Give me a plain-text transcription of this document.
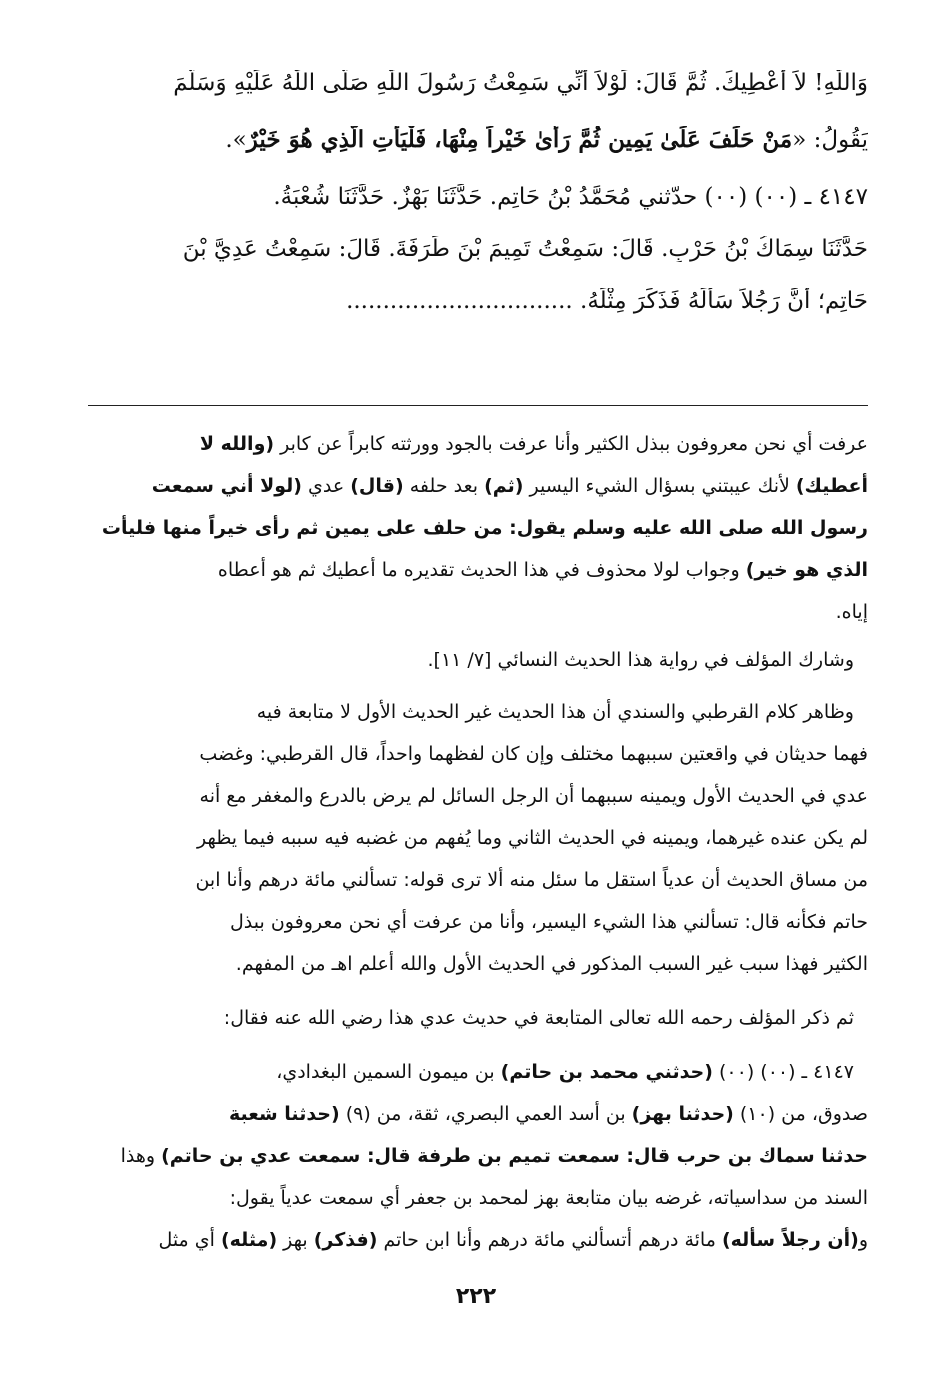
وَاللّٰهِ! لاَ أُعْطِيكَ. ثُمَّ قَالَ: لَوْلاَ أَنِّي سَمِعْتُ رَسُولَ اللّٰهِ صَلَّى اللّٰهُ عَلَيْهِ وَسَلَّمَ
يَقُولُ: «مَنْ حَلَفَ عَلَىٰ يَمِينٍ ثُمَّ رَأَىٰ خَيْراً مِنْهَا، فَلْيَأْتِ الَّذِي هُوَ خَيْرٌ».
٤١٤٧ ـ (٠٠) (٠٠) حدّثني مُحَمَّدُ بْنُ حَاتِمٍ. حَدَّثَنَا بَهْزٌ. حَدَّثَنَا شُعْبَةُ.
حَدَّثَنَا سِمَاكُ بْنُ حَرْبٍ. قَالَ: سَمِعْتُ تَمِيمَ بْنَ طَرَفَةَ. قَالَ: سَمِعْتُ عَدِيَّ بْنَ
حَاتِمٍ؛ أَنَّ رَجُلاً سَأَلَهُ فَذَكَرَ مِثْلَهُ. ...............................
عرفت أي نحن معروفون ببذل الكثير وأنا عرفت بالجود وورثته كابراً عن كابر (والله لا
أعطيك) لأنك عيبتني بسؤال الشيء اليسير (ثم) بعد حلفه (قال) عدي (لولا أني سمعت
رسول الله صلى الله عليه وسلم يقول: من حلف على يمين ثم رأى خيراً منها فليأت
الذي هو خير) وجواب لولا محذوف في هذا الحديث تقديره ما أعطيك ثم هو أعطاه
إياه.
وشارك المؤلف في رواية هذا الحديث النسائي [٧/ ١١].
وظاهر كلام القرطبي والسندي أن هذا الحديث غير الحديث الأول لا متابعة فيه
فهما حديثان في واقعتين سببهما مختلف وإن كان لفظهما واحداً، قال القرطبي: وغضب
عدي في الحديث الأول ويمينه سببهما أن الرجل السائل لم يرض بالدرع والمغفر مع أنه
لم يكن عنده غيرهما، ويمينه في الحديث الثاني وما يُفهم من غضبه فيه سببه فيما يظهر
من مساق الحديث أن عدياً استقل ما سئل منه ألا ترى قوله: تسألني مائة درهم وأنا ابن
حاتم فكأنه قال: تسألني هذا الشيء اليسير، وأنا من عرفت أي نحن معروفون ببذل
الكثير فهذا سبب غير السبب المذكور في الحديث الأول والله أعلم اهـ من المفهم.
ثم ذكر المؤلف رحمه الله تعالى المتابعة في حديث عدي هذا رضي الله عنه فقال:
٤١٤٧ ـ (٠٠) (٠٠) (حدثني محمد بن حاتم) بن ميمون السمين البغدادي،
صدوق، من (١٠) (حدثنا بهز) بن أسد العمي البصري، ثقة، من (٩) (حدثنا شعبة
حدثنا سماك بن حرب قال: سمعت تميم بن طرفة قال: سمعت عدي بن حاتم) وهذا
السند من سداسياته، غرضه بيان متابعة بهز لمحمد بن جعفر أي سمعت عدياً يقول:
و(أن رجلاً سأله) مائة درهم أتسألني مائة درهم وأنا ابن حاتم (فذكر) بهز (مثله) أي مثل
٢٢٢
